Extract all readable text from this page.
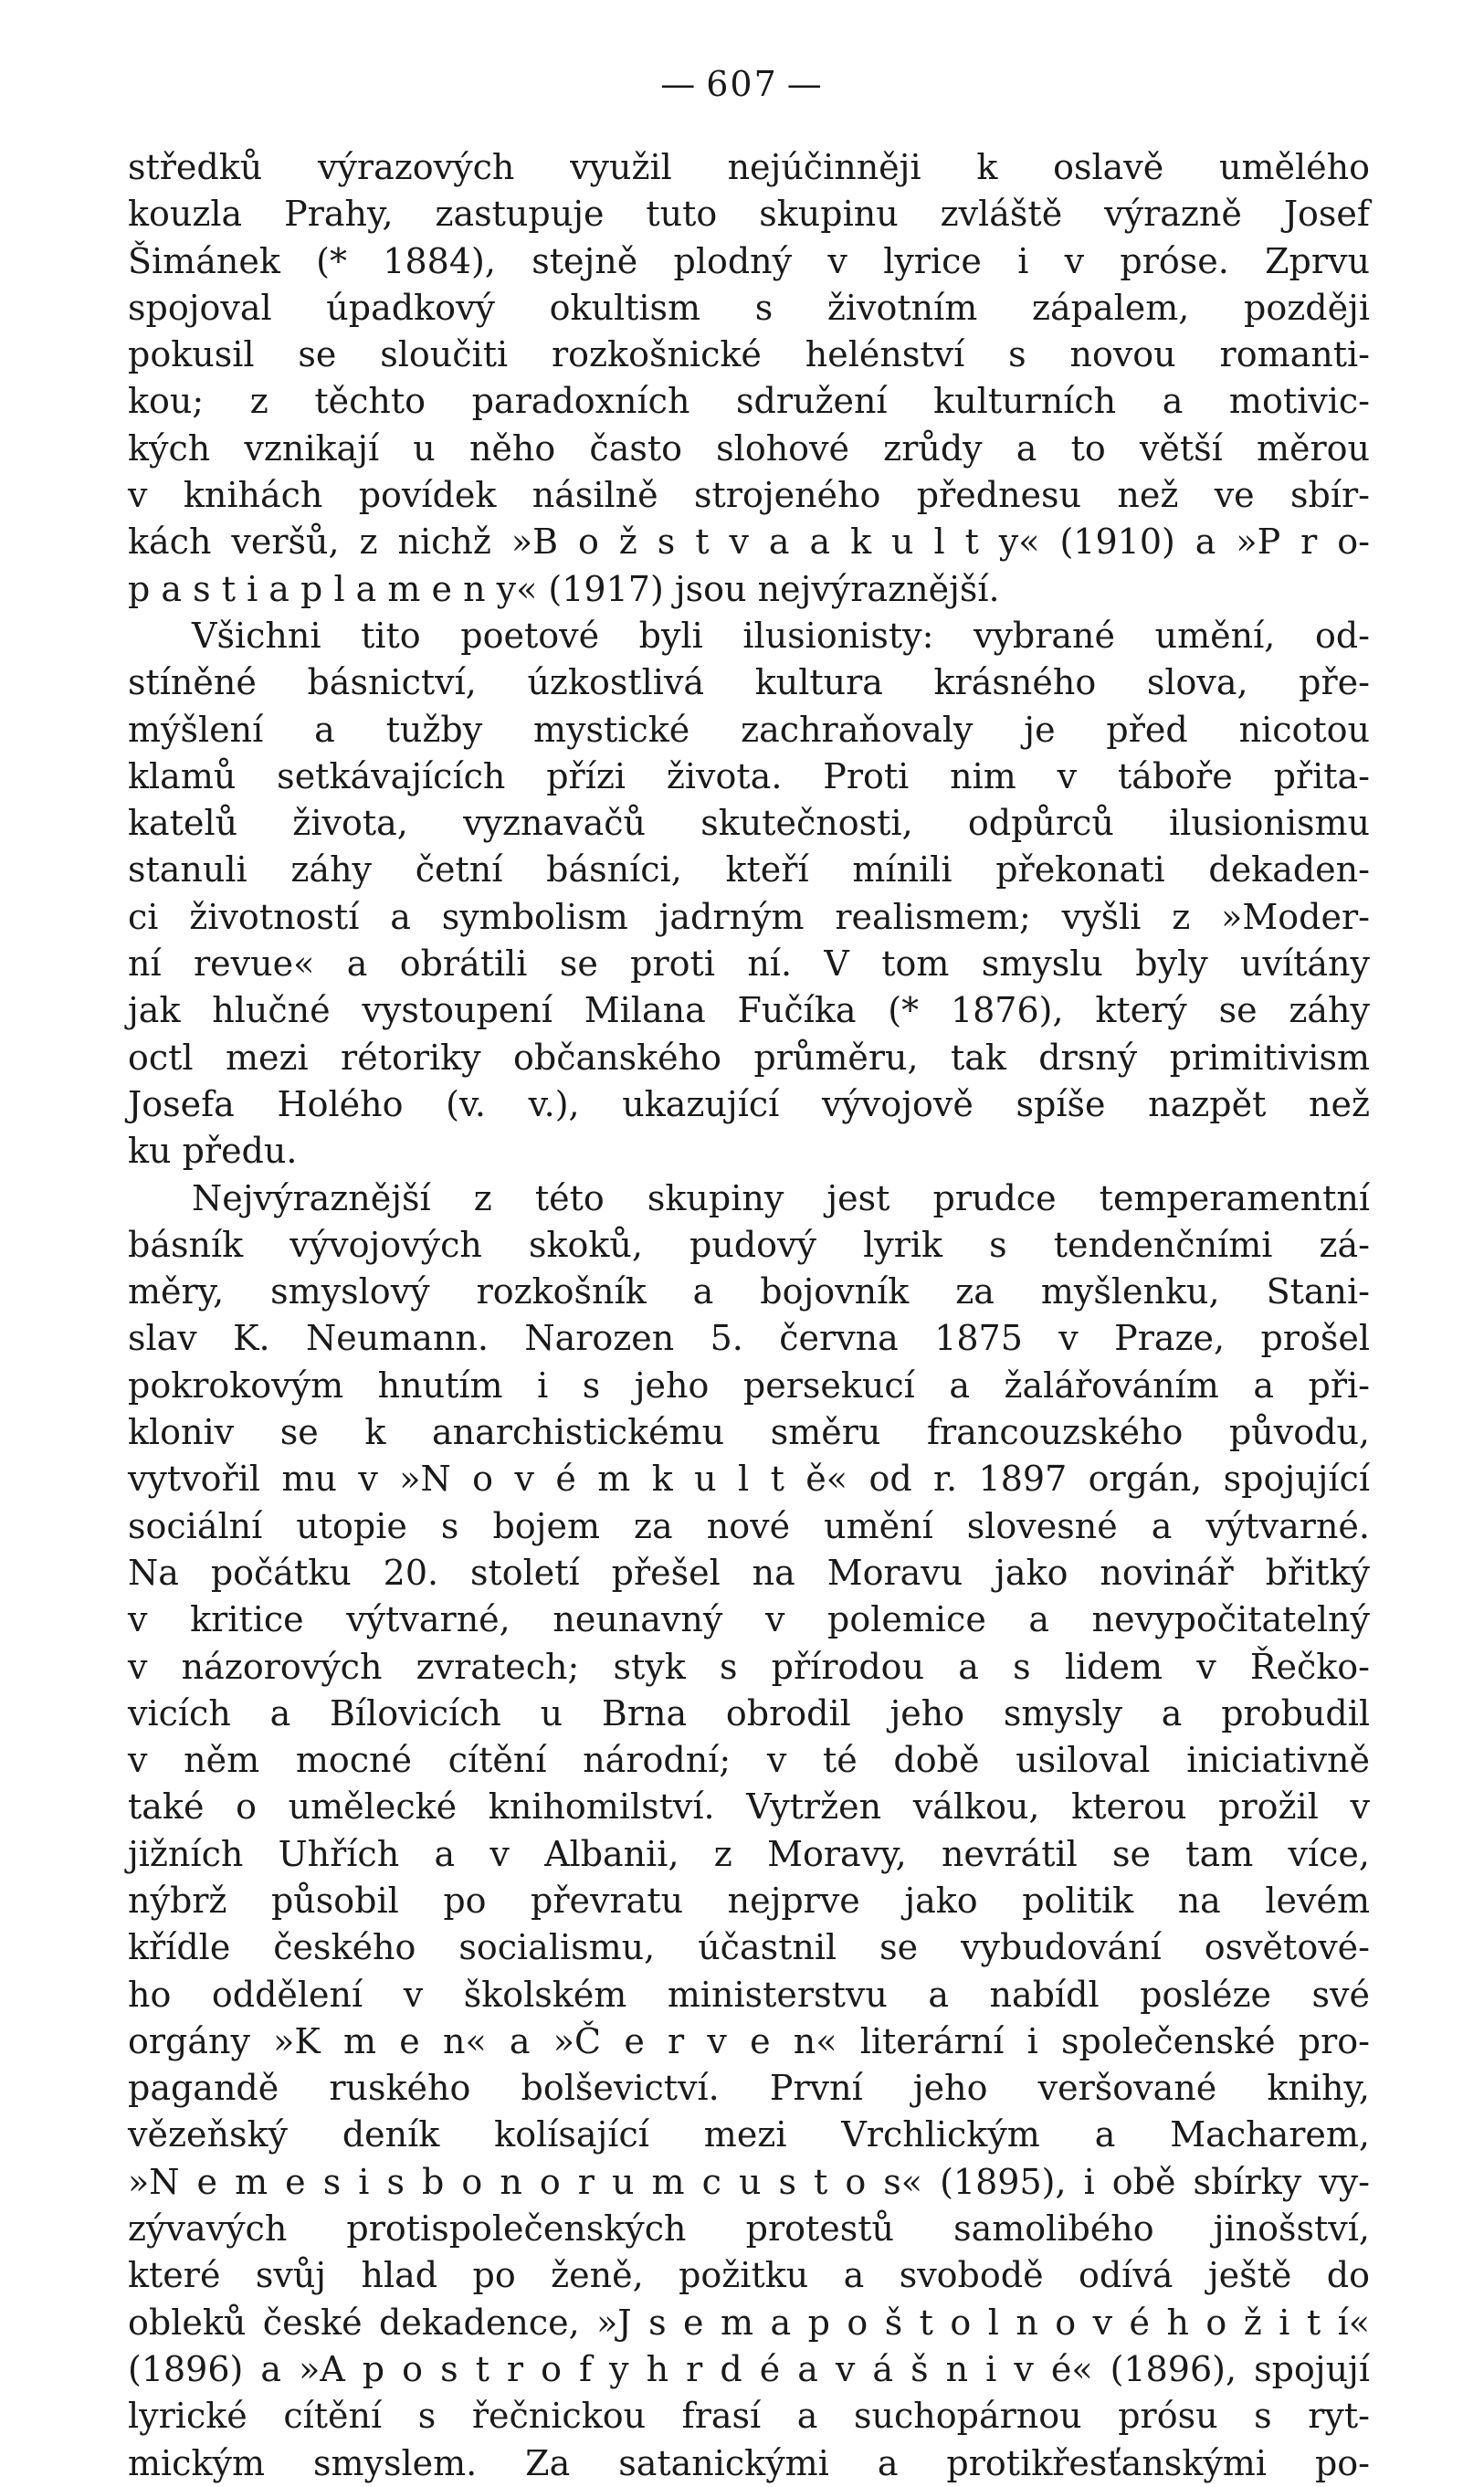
— 607 —
středků výrazových využil nejúčinněji k oslavě umělého
kouzla Prahy, zastupuje tuto skupinu zvláště výrazně Josef
Šimánek (* 1884), stejně plodný v lyrice i v próse. Zprvu
spojoval úpadkový okultism s životním zápalem, později
pokusil se sloučiti rozkošnické helénství s novou romanti-
kou; z těchto paradoxních sdružení kulturních a motivic-
kých vznikají u něho často slohové zrůdy a to větší měrou
v knihách povídek násilně strojeného přednesu než ve sbír-
kách veršů, z nichž »B o ž s t v a a k u l t y« (1910) a »P r o-
p a s t i a p l a m e n y« (1917) jsou nejvýraznější.
Všichni tito poetové byli ilusionisty: vybrané umění, od-
stíněné básnictví, úzkostlivá kultura krásného slova, pře-
mýšlení a tužby mystické zachraňovaly je před nicotou
klamů setkávajících přízi života. Proti nim v táboře přita-
katelů života, vyznavačů skutečnosti, odpůrců ilusionismu
stanuli záhy četní básníci, kteří mínili překonati dekaden-
ci životností a symbolism jadrným realismem; vyšli z »Moder-
ní revue« a obrátili se proti ní. V tom smyslu byly uvítány
jak hlučné vystoupení Milana Fučíka (* 1876), který se záhy
octl mezi rétoriky občanského průměru, tak drsný primitivism
Josefa Holého (v. v.), ukazující vývojově spíše nazpět než
ku předu.
Nejvýraznější z této skupiny jest prudce temperamentní
básník vývojových skoků, pudový lyrik s tendenčními zá-
měry, smyslový rozkošník a bojovník za myšlenku, Stani-
slav K. Neumann. Narozen 5. června 1875 v Praze, prošel
pokrokovým hnutím i s jeho persekucí a žalářováním a při-
kloniv se k anarchistickému směru francouzského původu,
vytvořil mu v »N o v é m k u l t ě« od r. 1897 orgán, spojující
sociální utopie s bojem za nové umění slovesné a výtvarné.
Na počátku 20. století přešel na Moravu jako novinář břitký
v kritice výtvarné, neunavný v polemice a nevypočitatelný
v názorových zvratech; styk s přírodou a s lidem v Řečko-
vicích a Bílovicích u Brna obrodil jeho smysly a probudil
v něm mocné cítění národní; v té době usiloval iniciativně
také o umělecké knihomilství. Vytržen válkou, kterou prožil v
jižních Uhřích a v Albanii, z Moravy, nevrátil se tam více,
nýbrž působil po převratu nejprve jako politik na levém
křídle českého socialismu, účastnil se vybudování osvětové-
ho oddělení v školském ministerstvu a nabídl posléze své
orgány »K m e n« a »Č e r v e n« literární i společenské pro-
pagandě ruského bolševictví. První jeho veršované knihy,
vězeňský deník kolísající mezi Vrchlickým a Macharem,
»N e m e s i s b o n o r u m c u s t o s« (1895), i obě sbírky vy-
zývavých protispolečenských protestů samolibého jinošství,
které svůj hlad po ženě, požitku a svobodě odívá ještě do
obleků české dekadence, »J s e m a p o š t o l n o v é h o ž i t í«
(1896) a »A p o s t r o f y h r d é a v á š n i v é« (1896), spojují
lyrické cítění s řečnickou frasí a suchopárnou prósu s ryt-
mickým smyslem. Za satanickými a protikřesťanskými po-
